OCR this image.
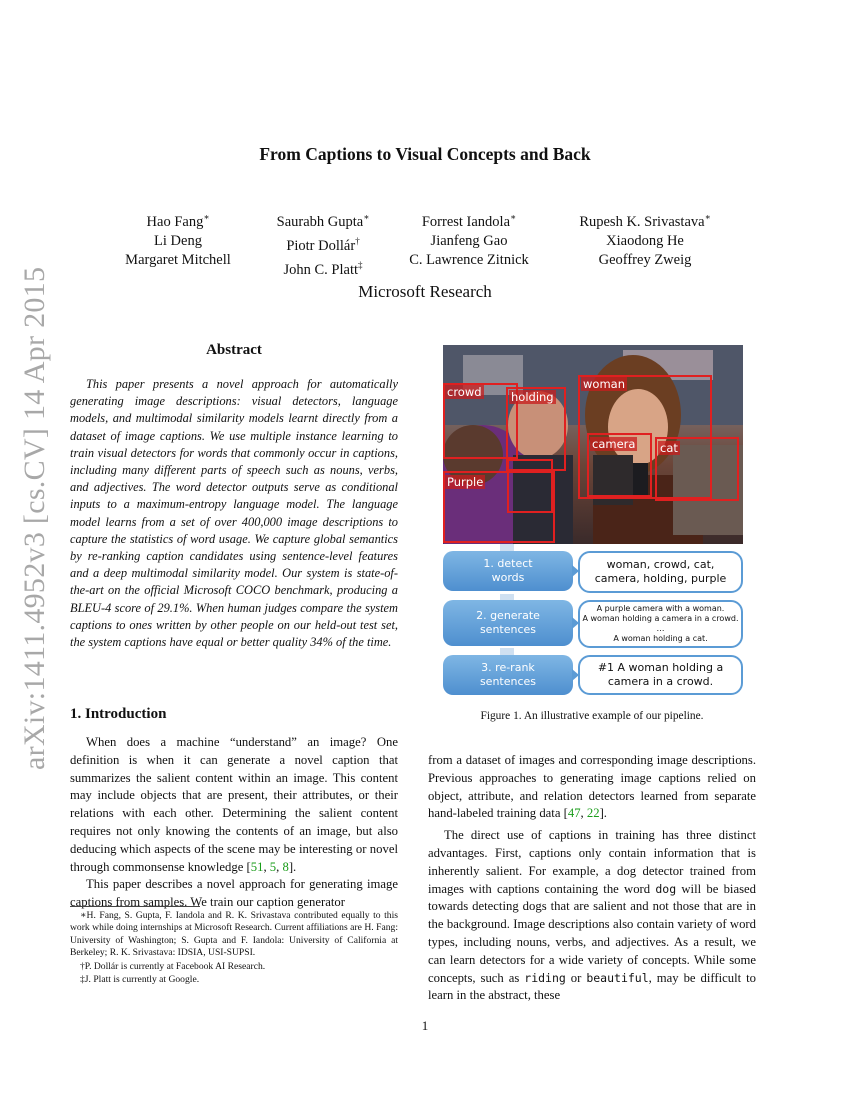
arXiv:1411.4952v3 [cs.CV] 14 Apr 2015
From Captions to Visual Concepts and Back
Hao Fang∗
Li Deng
Margaret Mitchell
Saurabh Gupta∗
Piotr Dollár†
John C. Platt‡
Forrest Iandola∗
Jianfeng Gao
C. Lawrence Zitnick
Rupesh K. Srivastava∗
Xiaodong He
Geoffrey Zweig
Microsoft Research
Abstract
This paper presents a novel approach for automatically generating image descriptions: visual detectors, language models, and multimodal similarity models learnt directly from a dataset of image captions. We use multiple instance learning to train visual detectors for words that commonly occur in captions, including many different parts of speech such as nouns, verbs, and adjectives. The word detector outputs serve as conditional inputs to a maximum-entropy language model. The language model learns from a set of over 400,000 image descriptions to capture the statistics of word usage. We capture global semantics by re-ranking caption candidates using sentence-level features and a deep multimodal similarity model. Our system is state-of-the-art on the official Microsoft COCO benchmark, producing a BLEU-4 score of 29.1%. When human judges compare the system captions to ones written by other people on our held-out test set, the system captions have equal or better quality 34% of the time.
1. Introduction

When does a machine “understand” an image? One definition is when it can generate a novel caption that summarizes the salient content within an image. This content may include objects that are present, their attributes, or their relations with each other. Determining the salient content requires not only knowing the contents of an image, but also deducing which aspects of the scene may be interesting or novel through commonsense knowledge [51, 5, 8].

This paper describes a novel approach for generating image captions from samples. We train our caption generator

∗H. Fang, S. Gupta, F. Iandola and R. K. Srivastava contributed equally to this work while doing internships at Microsoft Research. Current affiliations are H. Fang: University of Washington; S. Gupta and F. Iandola: University of California at Berkeley; R. K. Srivastava: IDSIA, USI-SUPSI.

†P. Dollár is currently at Facebook AI Research.

‡J. Platt is currently at Google.

crowd	holding
woman
camera cat
Purple
1. detect
words
woman, crowd, cat,
camera, holding, purple
2. generate
sentences
A purple camera with a woman.
A woman holding a camera in a crowd.
…
A woman holding a cat.
3. re-rank
sentences
#1 A woman holding a
camera in a crowd.
Figure 1. An illustrative example of our pipeline.

from a dataset of images and corresponding image descriptions. Previous approaches to generating image captions relied on object, attribute, and relation detectors learned from separate hand-labeled training data [47, 22].

The direct use of captions in training has three distinct advantages. First, captions only contain information that is inherently salient. For example, a dog detector trained from images with captions containing the word dog will be biased towards detecting dogs that are salient and not those that are in the background. Image descriptions also contain variety of word types, including nouns, verbs, and adjectives. As a result, we can learn detectors for a wide variety of concepts. While some concepts, such as riding or beautiful, may be difficult to learn in the abstract, these

1
